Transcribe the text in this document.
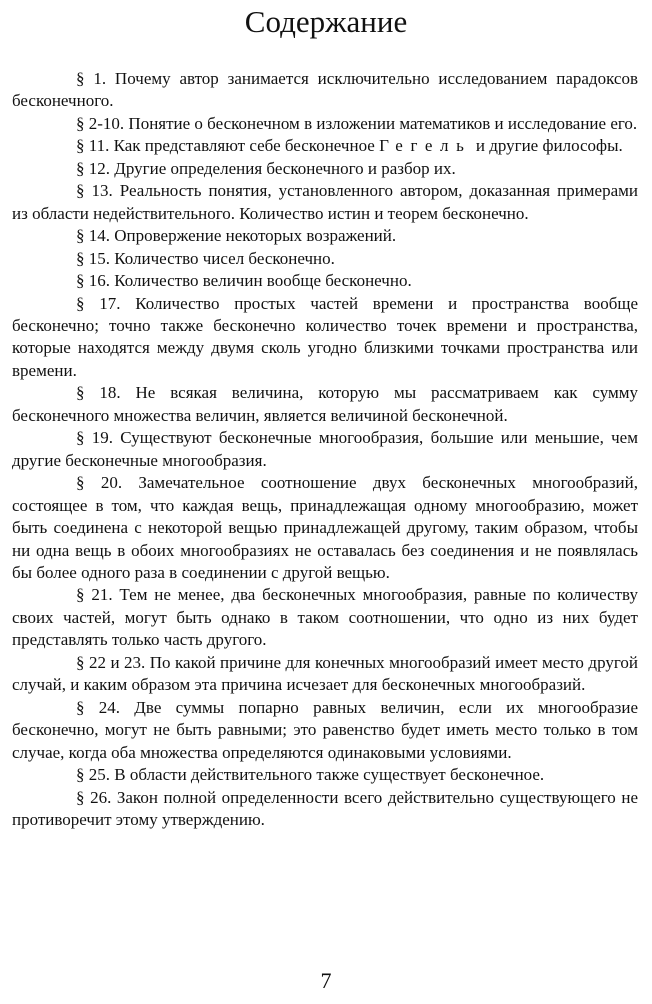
Содержание

§ 1. Почему автор занимается исключительно исследованием парадоксов бесконечного.

§ 2-10. Понятие о бесконечном в изложении математиков и исследование его.

§ 11. Как представляют себе бесконечное Гегель и другие философы.

§ 12. Другие определения бесконечного и разбор их.

§ 13. Реальность понятия, установленного автором, доказанная примерами из области недействительного. Количество истин и теорем бесконечно.

§ 14. Опровержение некоторых возражений.

§ 15. Количество чисел бесконечно.

§ 16. Количество величин вообще бесконечно.

§ 17. Количество простых частей времени и пространства вообще бесконечно; точно также бесконечно количество точек времени и пространства, которые находятся между двумя сколь угодно близкими точками пространства или времени.

§ 18. Не всякая величина, которую мы рассматриваем как сумму бесконечного множества величин, является величиной бесконечной.

§ 19. Существуют бесконечные многообразия, большие или меньшие, чем другие бесконечные многообразия.

§ 20. Замечательное соотношение двух бесконечных многообразий, состоящее в том, что каждая вещь, принадлежащая одному многообразию, может быть соединена с некоторой вещью принадлежащей другому, таким образом, чтобы ни одна вещь в обоих многообразиях не оставалась без соединения и не появлялась бы более одного раза в соединении с другой вещью.

§ 21. Тем не менее, два бесконечных многообразия, равные по количеству своих частей, могут быть однако в таком соотношении, что одно из них будет представлять только часть другого.

§ 22 и 23. По какой причине для конечных многообразий имеет место другой случай, и каким образом эта причина исчезает для бесконечных многообразий.

§ 24. Две суммы попарно равных величин, если их многообразие бесконечно, могут не быть равными; это равенство будет иметь место только в том случае, когда оба множества определяются одинаковыми условиями.

§ 25. В области действительного также существует бесконечное.

§ 26. Закон полной определенности всего действительно существующего не противоречит этому утверждению.

7
